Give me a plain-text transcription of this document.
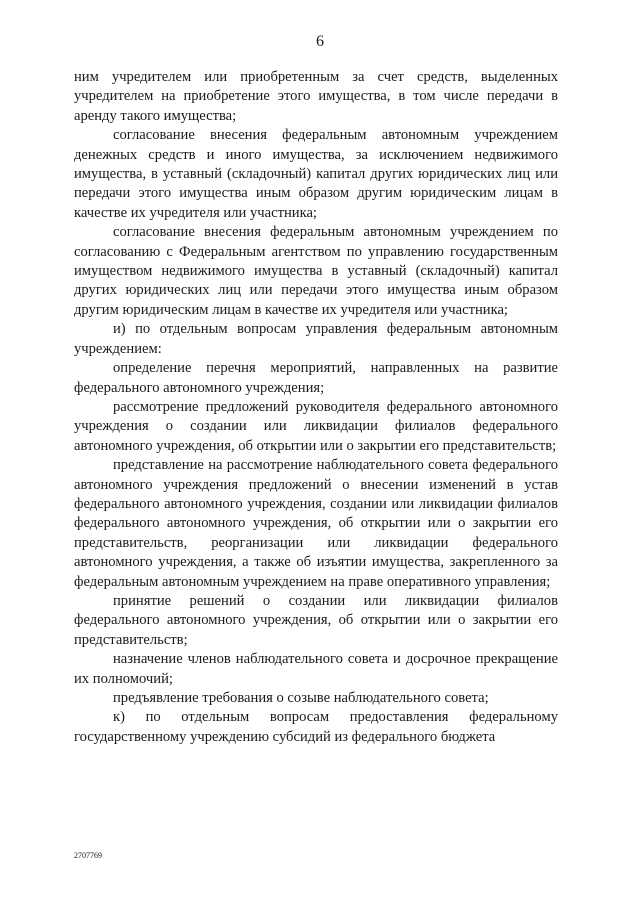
6

ним учредителем или приобретенным за счет средств, выделенных учредителем на приобретение этого имущества, в том числе передачи в аренду такого имущества;

согласование внесения федеральным автономным учреждением денежных средств и иного имущества, за исключением недвижимого имущества, в уставный (складочный) капитал других юридических лиц или передачи этого имущества иным образом другим юридическим лицам в качестве их учредителя или участника;

согласование внесения федеральным автономным учреждением по согласованию с Федеральным агентством по управлению государственным имуществом недвижимого имущества в уставный (складочный) капитал других юридических лиц или передачи этого имущества иным образом другим юридическим лицам в качестве их учредителя или участника;

и) по отдельным вопросам управления федеральным автономным учреждением:

определение перечня мероприятий, направленных на развитие федерального автономного учреждения;

рассмотрение предложений руководителя федерального автономного учреждения о создании или ликвидации филиалов федерального автономного учреждения, об открытии или о закрытии его представительств;

представление на рассмотрение наблюдательного совета федерального автономного учреждения предложений о внесении изменений в устав федерального автономного учреждения, создании или ликвидации филиалов федерального автономного учреждения, об открытии или о закрытии его представительств, реорганизации или ликвидации федерального автономного учреждения, а также об изъятии имущества, закрепленного за федеральным автономным учреждением на праве оперативного управления;

принятие решений о создании или ликвидации филиалов федерального автономного учреждения, об открытии или о закрытии его представительств;

назначение членов наблюдательного совета и досрочное прекращение их полномочий;

предъявление требования о созыве наблюдательного совета;

к) по отдельным вопросам предоставления федеральному государственному учреждению субсидий из федерального бюджета

2707769
